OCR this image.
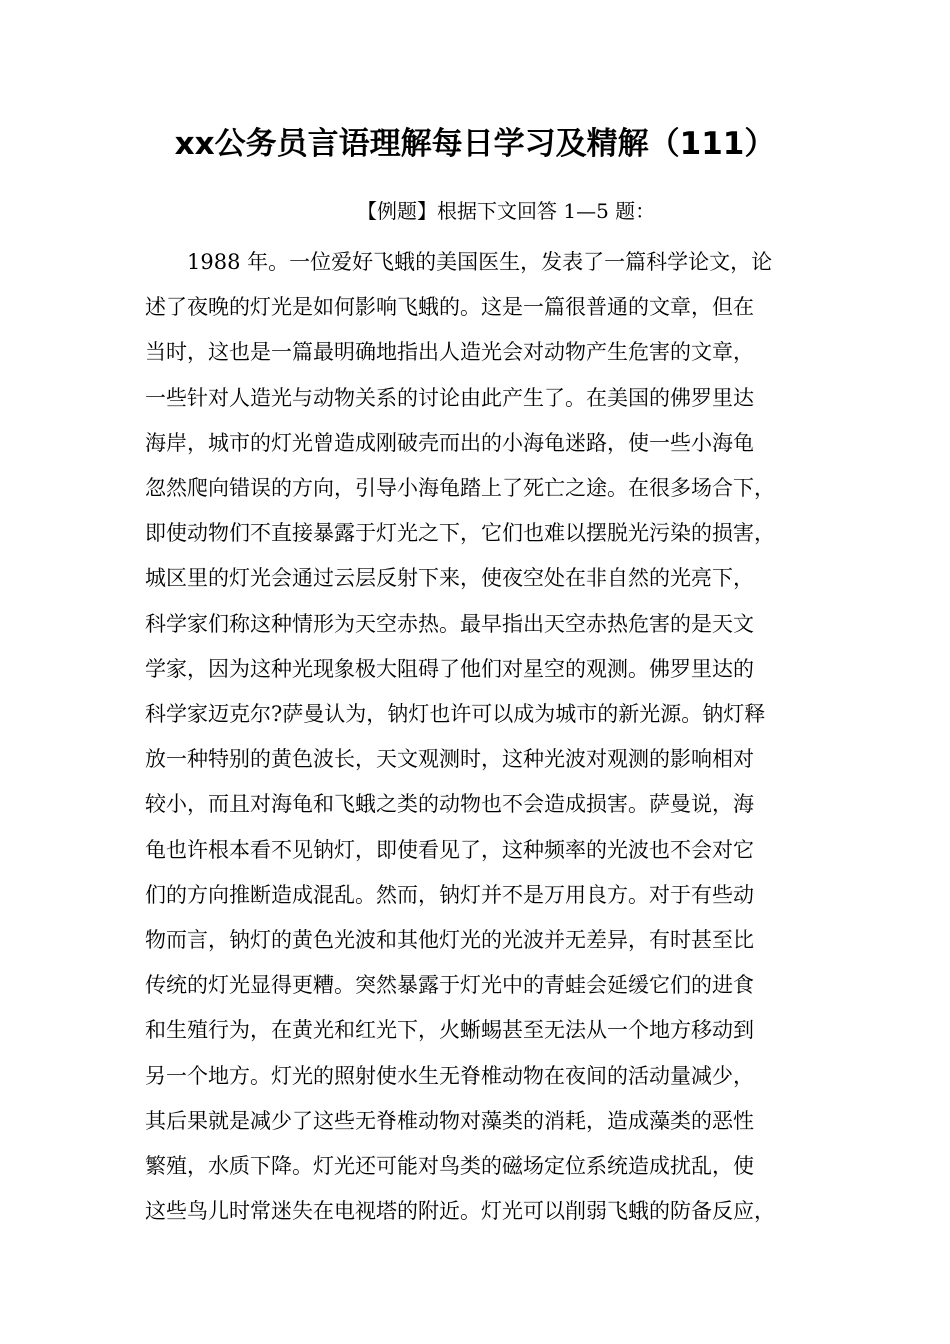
xx公务员言语理解每日学习及精解（111）

【例题】根据下文回答 1—5 题：

　　1988 年。一位爱好飞蛾的美国医生，发表了一篇科学论文，论

述了夜晚的灯光是如何影响飞蛾的。这是一篇很普通的文章，但在

当时，这也是一篇最明确地指出人造光会对动物产生危害的文章，

一些针对人造光与动物关系的讨论由此产生了。在美国的佛罗里达

海岸，城市的灯光曾造成刚破壳而出的小海龟迷路，使一些小海龟

忽然爬向错误的方向，引导小海龟踏上了死亡之途。在很多场合下，

即使动物们不直接暴露于灯光之下，它们也难以摆脱光污染的损害，

城区里的灯光会通过云层反射下来，使夜空处在非自然的光亮下，

科学家们称这种情形为天空赤热。最早指出天空赤热危害的是天文

学家，因为这种光现象极大阻碍了他们对星空的观测。佛罗里达的

科学家迈克尔?萨曼认为，钠灯也许可以成为城市的新光源。钠灯释

放一种特别的黄色波长，天文观测时，这种光波对观测的影响相对

较小，而且对海龟和飞蛾之类的动物也不会造成损害。萨曼说，海

龟也许根本看不见钠灯，即使看见了，这种频率的光波也不会对它

们的方向推断造成混乱。然而，钠灯并不是万用良方。对于有些动

物而言，钠灯的黄色光波和其他灯光的光波并无差异，有时甚至比

传统的灯光显得更糟。突然暴露于灯光中的青蛙会延缓它们的进食

和生殖行为，在黄光和红光下，火蜥蜴甚至无法从一个地方移动到

另一个地方。灯光的照射使水生无脊椎动物在夜间的活动量减少，

其后果就是减少了这些无脊椎动物对藻类的消耗，造成藻类的恶性

繁殖，水质下降。灯光还可能对鸟类的磁场定位系统造成扰乱，使

这些鸟儿时常迷失在电视塔的附近。灯光可以削弱飞蛾的防备反应，
